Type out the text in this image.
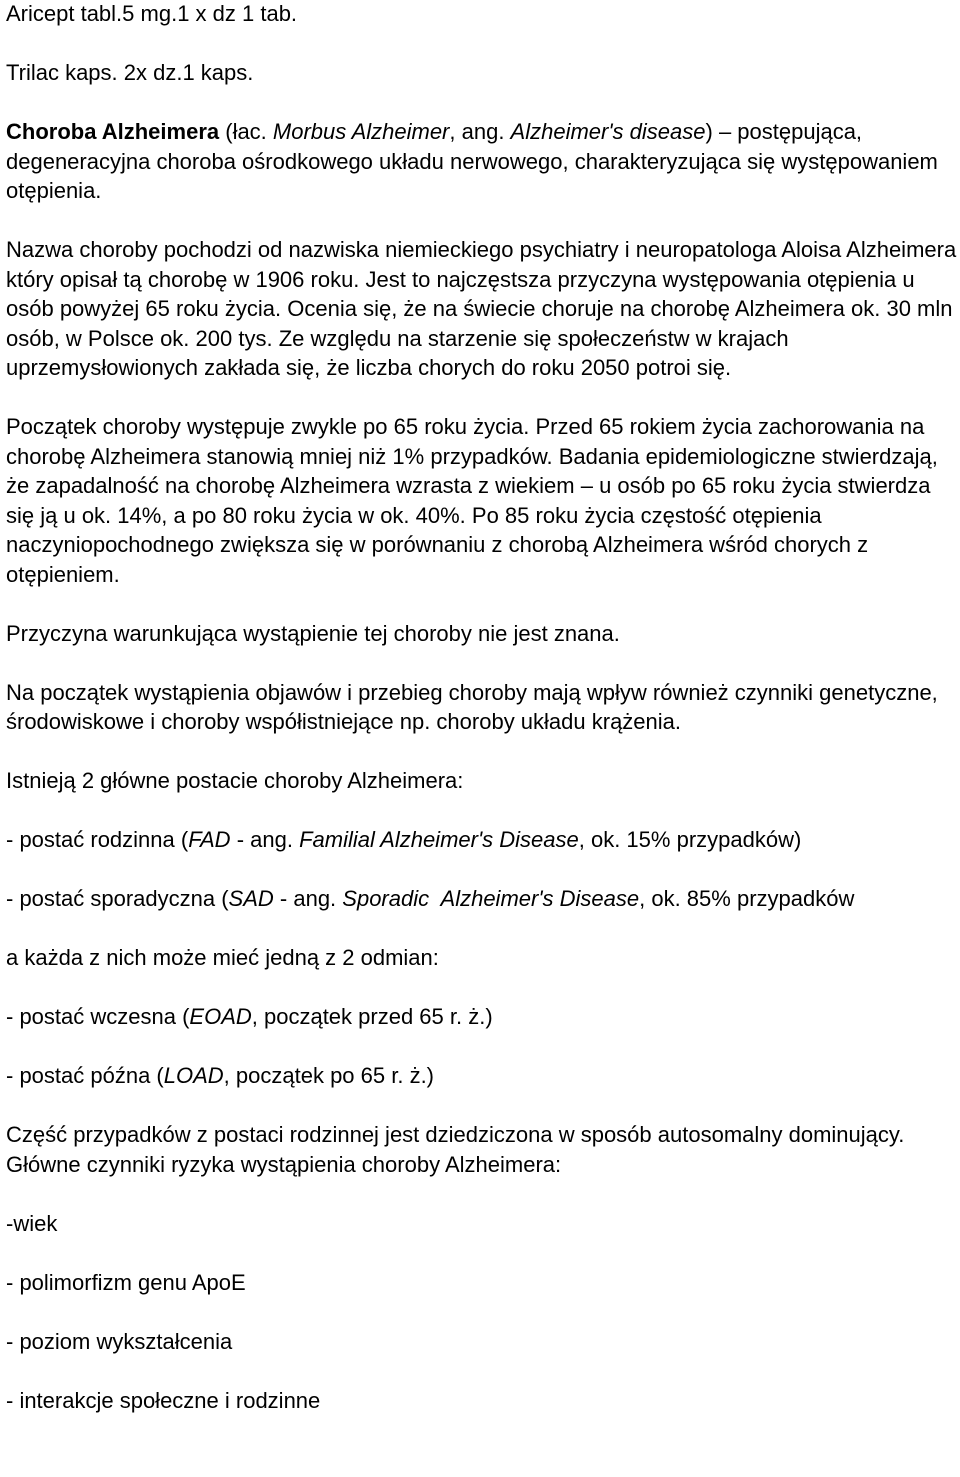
Aricept tabl.5 mg.1 x dz 1 tab.

Trilac kaps. 2x dz.1 kaps.

Choroba Alzheimera (łac. Morbus Alzheimer, ang. Alzheimer's disease) – postępująca, degeneracyjna choroba ośrodkowego układu nerwowego, charakteryzująca się występowaniem otępienia.

Nazwa choroby pochodzi od nazwiska niemieckiego psychiatry i neuropatologa Aloisa Alzheimera który opisał tą chorobę w 1906 roku. Jest to najczęstsza przyczyna występowania otępienia u osób powyżej 65 roku życia. Ocenia się, że na świecie choruje na chorobę Alzheimera ok. 30 mln osób, w Polsce ok. 200 tys. Ze względu na starzenie się społeczeństw w krajach uprzemysłowionych zakłada się, że liczba chorych do roku 2050 potroi się.

Początek choroby występuje zwykle po 65 roku życia. Przed 65 rokiem życia zachorowania na chorobę Alzheimera stanowią mniej niż 1% przypadków. Badania epidemiologiczne stwierdzają, że zapadalność na chorobę Alzheimera wzrasta z wiekiem – u osób po 65 roku życia stwierdza się ją u ok. 14%, a po 80 roku życia w ok. 40%. Po 85 roku życia częstość otępienia naczyniopochodnego zwiększa się w porównaniu z chorobą Alzheimera wśród chorych z otępieniem.

Przyczyna warunkująca wystąpienie tej choroby nie jest znana.

Na początek wystąpienia objawów i przebieg choroby mają wpływ również czynniki genetyczne, środowiskowe i choroby współistniejące np. choroby układu krążenia.

Istnieją 2 główne postacie choroby Alzheimera:

- postać rodzinna (FAD - ang. Familial Alzheimer's Disease, ok. 15% przypadków)

- postać sporadyczna (SAD - ang. Sporadic  Alzheimer's Disease, ok. 85% przypadków

a każda z nich może mieć jedną z 2 odmian:

- postać wczesna (EOAD, początek przed 65 r. ż.)

- postać późna (LOAD, początek po 65 r. ż.)

Część przypadków z postaci rodzinnej jest dziedziczona w sposób autosomalny dominujący. Główne czynniki ryzyka wystąpienia choroby Alzheimera:

-wiek

- polimorfizm genu ApoE

- poziom wykształcenia

- interakcje społeczne i rodzinne
